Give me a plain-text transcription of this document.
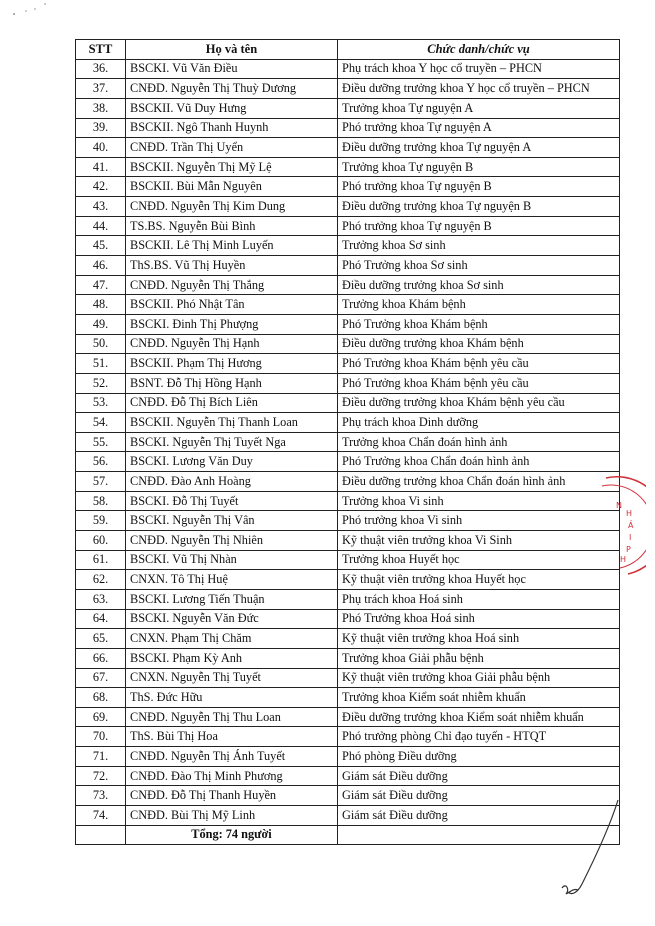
STT	Họ và tên	Chức danh/chức vụ
36.	BSCKI. Vũ Văn Điều	Phụ trách khoa Y học cổ truyền – PHCN
37.	CNĐD. Nguyễn Thị Thuỳ Dương	Điều dưỡng trưởng khoa Y học cổ truyền – PHCN
38.	BSCKII. Vũ Duy Hưng	Trưởng khoa Tự nguyện A
39.	BSCKII. Ngô Thanh Huynh	Phó trưởng khoa Tự nguyện A
40.	CNĐD. Trần Thị Uyển	Điều dưỡng trưởng khoa Tự nguyện A
41.	BSCKII. Nguyễn Thị Mỹ Lệ	Trưởng khoa Tự nguyện B
42.	BSCKII. Bùi Mẫn Nguyên	Phó trưởng khoa Tự nguyện B
43.	CNĐD. Nguyễn Thị Kim Dung	Điều dưỡng trưởng khoa Tự nguyện B
44.	TS.BS. Nguyễn Bùi Bình	Phó trưởng khoa Tự nguyện B
45.	BSCKII. Lê Thị Minh Luyến	Trưởng khoa Sơ sinh
46.	ThS.BS. Vũ Thị Huyền	Phó Trưởng khoa Sơ sinh
47.	CNĐD. Nguyễn Thị Thắng	Điều dưỡng trưởng khoa Sơ sinh
48.	BSCKII. Phó Nhật Tân	Trưởng khoa Khám bệnh
49.	BSCKI. Đinh Thị Phượng	Phó Trưởng khoa Khám bệnh
50.	CNĐD. Nguyễn Thị Hạnh	Điều dưỡng trưởng khoa Khám bệnh
51.	BSCKII. Phạm Thị Hương	Phó Trưởng khoa Khám bệnh yêu cầu
52.	BSNT. Đỗ Thị Hồng Hạnh	Phó Trưởng khoa Khám bệnh yêu cầu
53.	CNĐD. Đỗ Thị Bích Liên	Điều dưỡng trưởng khoa Khám bệnh yêu cầu
54.	BSCKII. Nguyễn Thị Thanh Loan	Phụ trách khoa Dinh dưỡng
55.	BSCKI. Nguyễn Thị Tuyết Nga	Trưởng khoa Chẩn đoán hình ảnh
56.	BSCKI. Lương Văn Duy	Phó Trưởng khoa Chẩn đoán hình ảnh
57.	CNĐD. Đào Anh Hoàng	Điều dưỡng trưởng khoa Chẩn đoán hình ảnh
58.	BSCKI. Đỗ Thị Tuyết	Trưởng khoa Vi sinh
59.	BSCKI. Nguyễn Thị Vân	Phó trưởng khoa Vi sinh
60.	CNĐD. Nguyễn Thị Nhiên	Kỹ thuật viên trưởng khoa Vi Sinh
61.	BSCKI. Vũ Thị Nhàn	Trưởng khoa Huyết học
62.	CNXN. Tô Thị Huệ	Kỹ thuật viên trưởng khoa Huyết học
63.	BSCKI. Lương Tiến Thuận	Phụ trách khoa Hoá sinh
64.	BSCKI. Nguyễn Văn Đức	Phó Trưởng khoa Hoá sinh
65.	CNXN. Phạm Thị Chăm	Kỹ thuật viên trưởng khoa Hoá sinh
66.	BSCKI. Phạm Kỳ Anh	Trưởng khoa Giải phẫu bệnh
67.	CNXN. Nguyễn Thị Tuyết	Kỹ thuật viên trưởng khoa Giải phẫu bệnh
68.	ThS. Đức Hữu	Trưởng khoa Kiểm soát nhiễm khuẩn
69.	CNĐD. Nguyễn Thị Thu Loan	Điều dưỡng trưởng khoa Kiểm soát nhiễm khuẩn
70.	ThS. Bùi Thị Hoa	Phó trưởng phòng Chỉ đạo tuyến - HTQT
71.	CNĐD. Nguyễn Thị Ánh Tuyết	Phó phòng Điều dưỡng
72.	CNĐD. Đào Thị Minh Phương	Giám sát Điều dưỡng
73.	CNĐD. Đỗ Thị Thanh Huyền	Giám sát Điều dưỡng
74.	CNĐD. Bùi Thị Mỹ Linh	Giám sát Điều dưỡng
	Tổng: 74 người	
N
H
Ả
I
P
H
